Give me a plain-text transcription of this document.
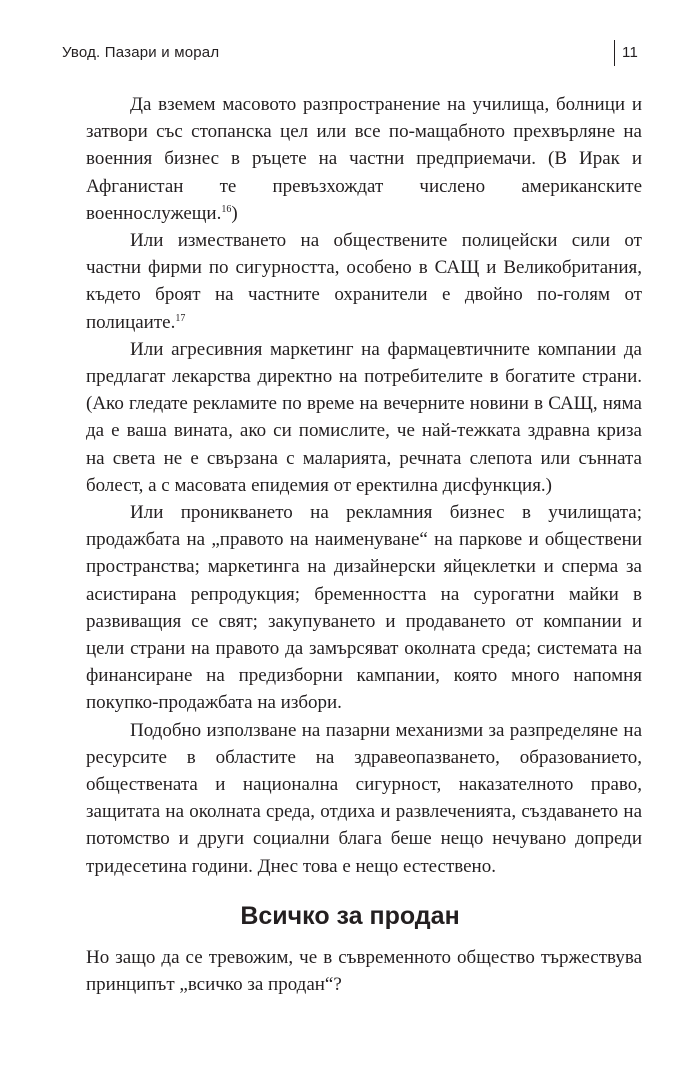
Увод. Пазари и морал	11

Да вземем масовото разпространение на училища, болници и затвори със стопанска цел или все по-мащабното прехвърляне на военния бизнес в ръцете на частни предприемачи. (В Ирак и Афганистан те превъзхождат числено американските военнослужещи.$^{16}$)

Или изместването на обществените полицейски сили от частни фирми по сигурността, особено в САЩ и Великобритания, където броят на частните охранители е двойно по-голям от полицаите.$^{17}$

Или агресивния маркетинг на фармацевтичните компании да предлагат лекарства директно на потребителите в богатите страни. (Ако гледате рекламите по време на вечерните новини в САЩ, няма да е ваша вината, ако си помислите, че най-тежката здравна криза на света не е свързана с маларията, речната слепота или сънната болест, а с масовата епидемия от еректилна дисфункция.)

Или проникването на рекламния бизнес в училищата; продажбата на „правото на наименуване“ на паркове и обществени пространства; маркетинга на дизайнерски яйцеклетки и сперма за асистирана репродукция; бременността на сурогатни майки в развиващия се свят; закупуването и продаването от компании и цели страни на правото да замърсяват околната среда; системата на финансиране на предизборни кампании, която много напомня покупко-продажбата на избори.

Подобно използване на пазарни механизми за разпределяне на ресурсите в областите на здравеопазването, образованието, обществената и национална сигурност, наказателното право, защитата на околната среда, отдиха и развлеченията, създаването на потомство и други социални блага беше нещо нечувано допреди тридесетина години. Днес това е нещо естествено.

Всичко за продан

Но защо да се тревожим, че в съвременното общество тържествува принципът „всичко за продан“?
